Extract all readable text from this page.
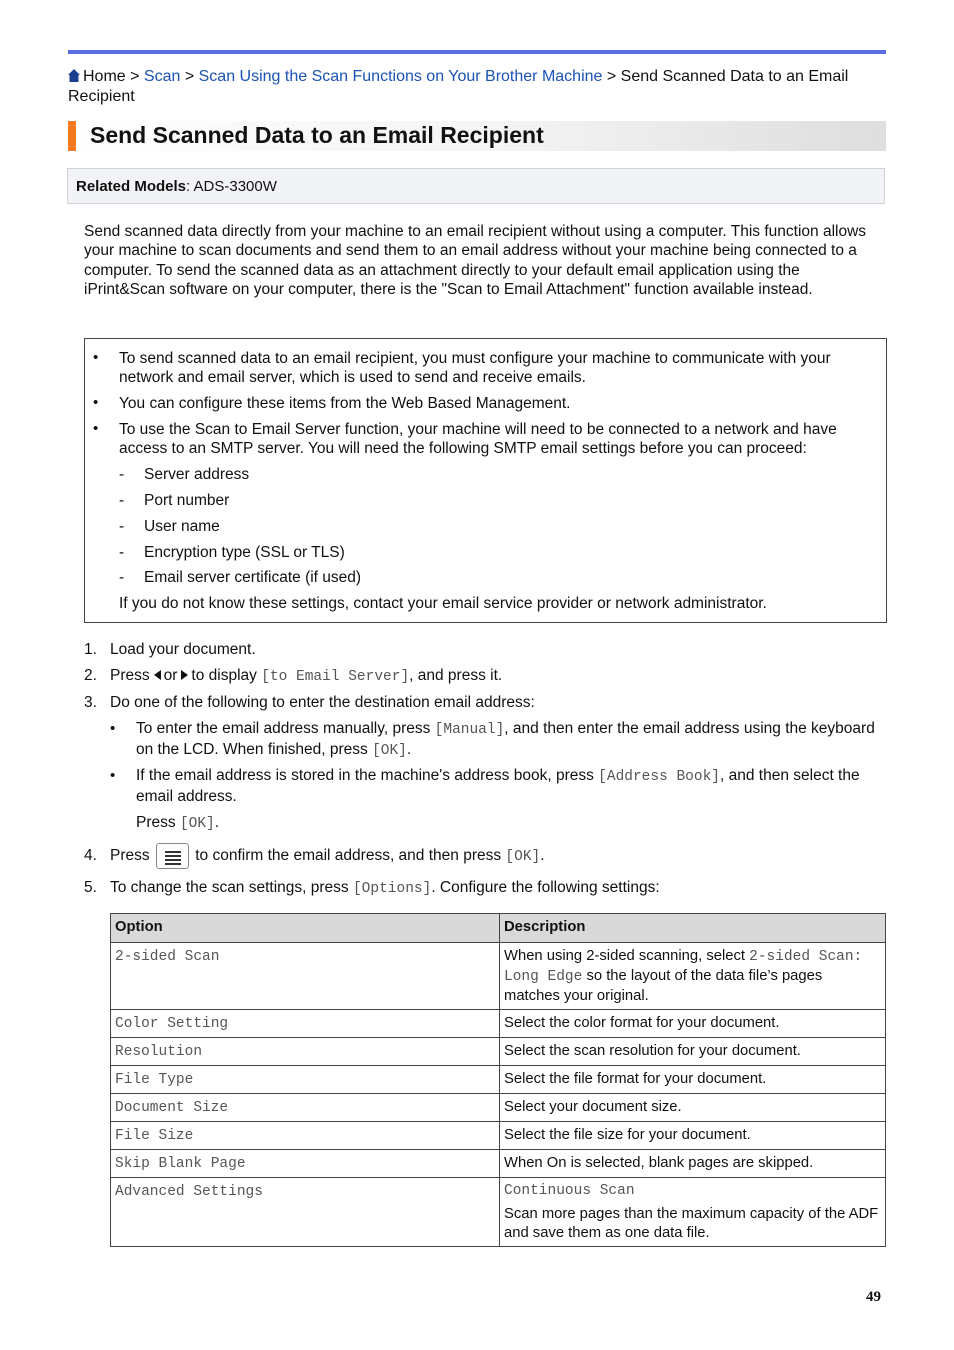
Home > Scan > Scan Using the Scan Functions on Your Brother Machine > Send Scanned Data to an Email Recipient
Send Scanned Data to an Email Recipient
Related Models: ADS-3300W
Send scanned data directly from your machine to an email recipient without using a computer. This function allows your machine to scan documents and send them to an email address without your machine being connected to a computer. To send the scanned data as an attachment directly to your default email application using the iPrint&Scan software on your computer, there is the "Scan to Email Attachment" function available instead.
• To send scanned data to an email recipient, you must configure your machine to communicate with your network and email server, which is used to send and receive emails.
• You can configure these items from the Web Based Management.
• To use the Scan to Email Server function, your machine will need to be connected to a network and have access to an SMTP server. You will need the following SMTP email settings before you can proceed:
- Server address
- Port number
- User name
- Encryption type (SSL or TLS)
- Email server certificate (if used)
If you do not know these settings, contact your email service provider or network administrator.
1. Load your document.
2. Press or to display [to Email Server], and press it.
3. Do one of the following to enter the destination email address:
• To enter the email address manually, press [Manual], and then enter the email address using the keyboard on the LCD. When finished, press [OK].
• If the email address is stored in the machine's address book, press [Address Book], and then select the email address.
Press [OK].
4. Press	to confirm the email address, and then press [OK].
5. To change the scan settings, press [Options]. Configure the following settings:
Option	Description
2-sided Scan	When using 2-sided scanning, select 2-sided Scan: Long Edge so the layout of the data file’s pages matches your original.
Color Setting	Select the color format for your document.
Resolution	Select the scan resolution for your document.
File Type	Select the file format for your document.
Document Size	Select your document size.
File Size	Select the file size for your document.
Skip Blank Page	When On is selected, blank pages are skipped.
Advanced Settings	Continuous Scan
Scan more pages than the maximum capacity of the ADF and save them as one data file.
49
